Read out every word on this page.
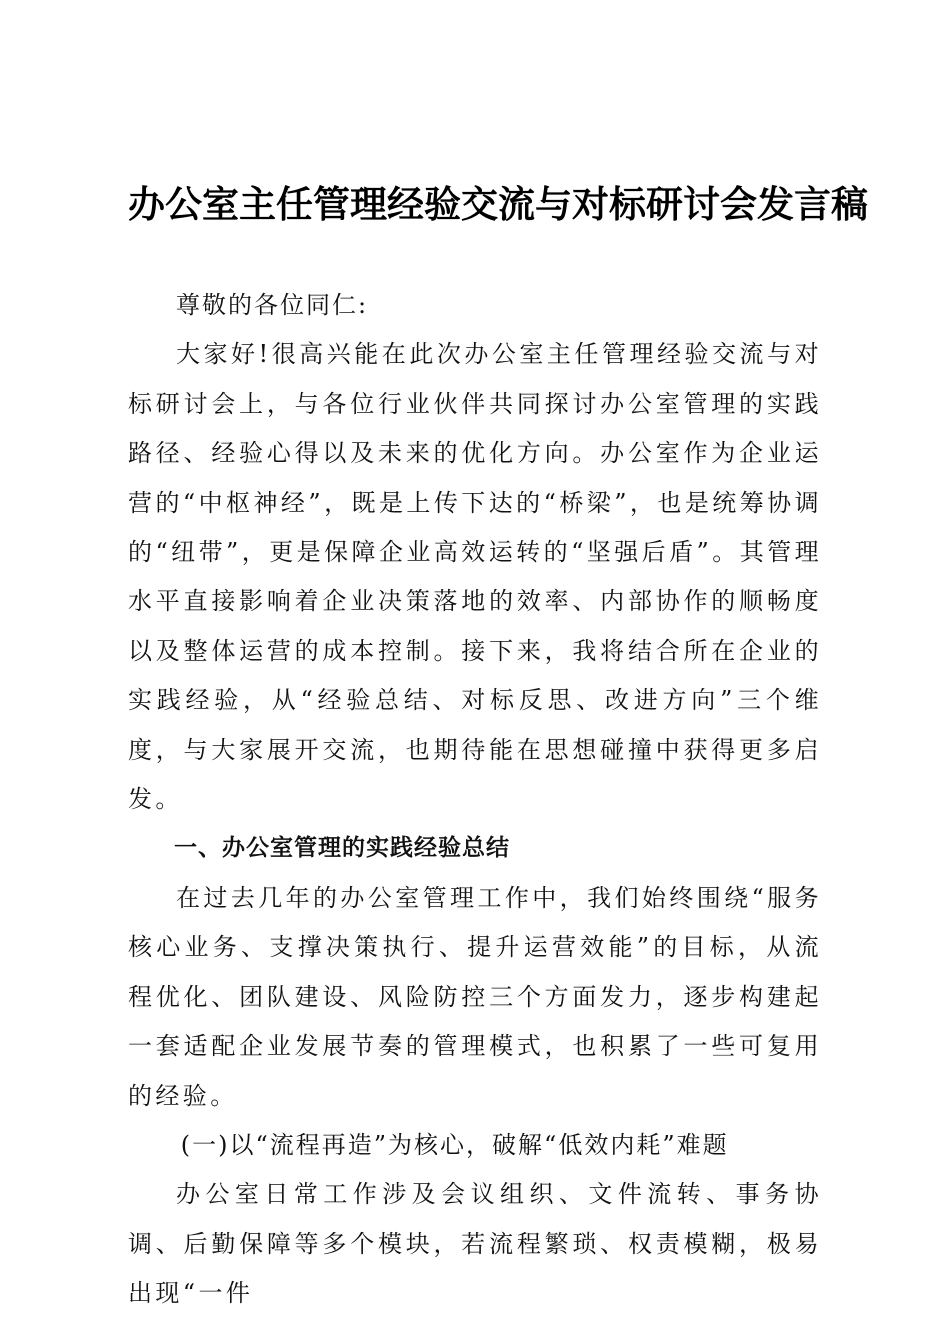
办公室主任管理经验交流与对标研讨会发言稿

尊敬的各位同仁:

大家好!很高兴能在此次办公室主任管理经验交流与对标研讨会上，与各位行业伙伴共同探讨办公室管理的实践路径、经验心得以及未来的优化方向。办公室作为企业运营的“中枢神经”，既是上传下达的“桥梁”，也是统筹协调的“纽带”，更是保障企业高效运转的“坚强后盾”。其管理水平直接影响着企业决策落地的效率、内部协作的顺畅度以及整体运营的成本控制。接下来，我将结合所在企业的实践经验，从“经验总结、对标反思、改进方向”三个维度，与大家展开交流，也期待能在思想碰撞中获得更多启发。

一、办公室管理的实践经验总结

在过去几年的办公室管理工作中，我们始终围绕“服务核心业务、支撑决策执行、提升运营效能”的目标，从流程优化、团队建设、风险防控三个方面发力，逐步构建起一套适配企业发展节奏的管理模式，也积累了一些可复用的经验。

(一)以“流程再造”为核心，破解“低效内耗”难题

办公室日常工作涉及会议组织、文件流转、事务协调、后勤保障等多个模块，若流程繁琐、权责模糊，极易出现“一件
